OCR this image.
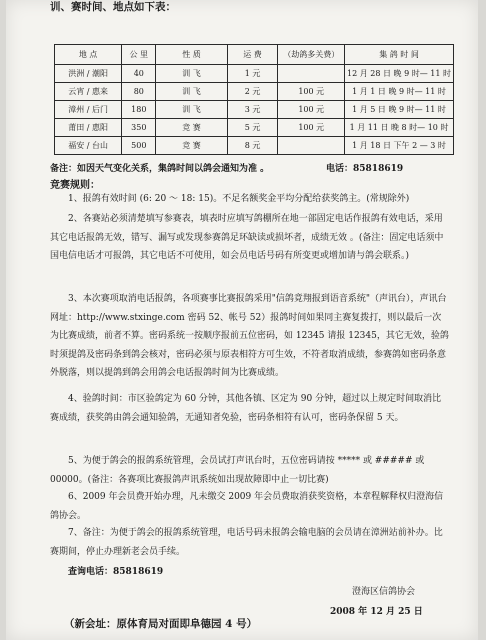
训、赛时间、地点如下表：
地 点	公 里	性 质	运 费	（劫鸽多关费）	集 鸽 时 间
洪洲 / 潮阳	40	训 飞	1 元		12 月 28 日 晚 9 时— 11 时
云宵 / 惠来	80	训 飞	2 元	100 元	1 月 1 日 晚 9 时— 11 时
漳州 / 后门	180	训 飞	3 元	100 元	1 月 5 日 晚 9 时— 11 时
莆田 / 惠阳	350	竞 赛	5 元	100 元	1 月 11 日 晚 8 时— 10 时
福安 / 台山	500	竞 赛	8 元		1 月 18 日 下午 2 — 3 时
备注：如因天气变化关系，集鸽时间以鸽会通知为准 。	电话：85818619
竞赛规则：
1、报鸽有效时间 (6: 20 ～ 18: 15)。不足名额奖金平均分配给获奖鸽主。(常规除外)
2、各赛站必须清楚填写参赛表，填表时应填写鸽棚所在地一部固定电话作报鸽有效电话，采用其它电话报鸽无效，错写、漏写或发现参赛鸽足环缺读或损坏者，成绩无效 。(备注：固定电话须中国电信电话才可报鸽，其它电话不可使用，如会员电话号码有所变更或增加请与鸽会联系。)
3、本次赛项取消电话报鸽，各项赛事比赛报鸽采用"信鸽竟翔报到语音系统"（声讯台），声讯台网址：http://www.stxinge.com 密码 52、帐号 52）报鸽时间如果同主赛复拨打，则以最后一次为比赛成绩，前者不算。密码系统一按顺序报前五位密码，如 12345 请报 12345，其它无效，验鸽时须提鸽及密码条到鸽会核对，密码必须与原表相符方可生效，不符者取消成绩，参赛鸽如密码条意外脱落，则以提鸽到鸽会用鸽会电话报鸽时间为比赛成绩。
4、验鸽时间：市区验鸽定为 60 分钟，其他各镇、区定为 90 分钟，超过以上规定时间取消比赛成绩，获奖鸽由鸽会通知验鸽，无通知者免验，密码条相符有认可，密码条保留 5 天。
5、为便于鸽会的报鸽系统管理，会员试打声讯台时，五位密码请按 ***** 或 ##### 或 00000。(备注：各赛项比赛报鸽声讯系统如出现故障即中止一切比赛)
6、2009 年会员费开始办理，凡未缴交 2009 年会员费取消获奖资格，本章程解释权归澄海信鸽协会。
7、备注：为便于鸽会的报鸽系统管理，电话号码未报鸽会输电脑的会员请在漳洲站前补办。比赛期间，停止办理新老会员手续。
查询电话：85818619
澄海区信鸽协会
2008 年 12 月 25 日
（新会址：原体育局对面即阜德园 4 号）
